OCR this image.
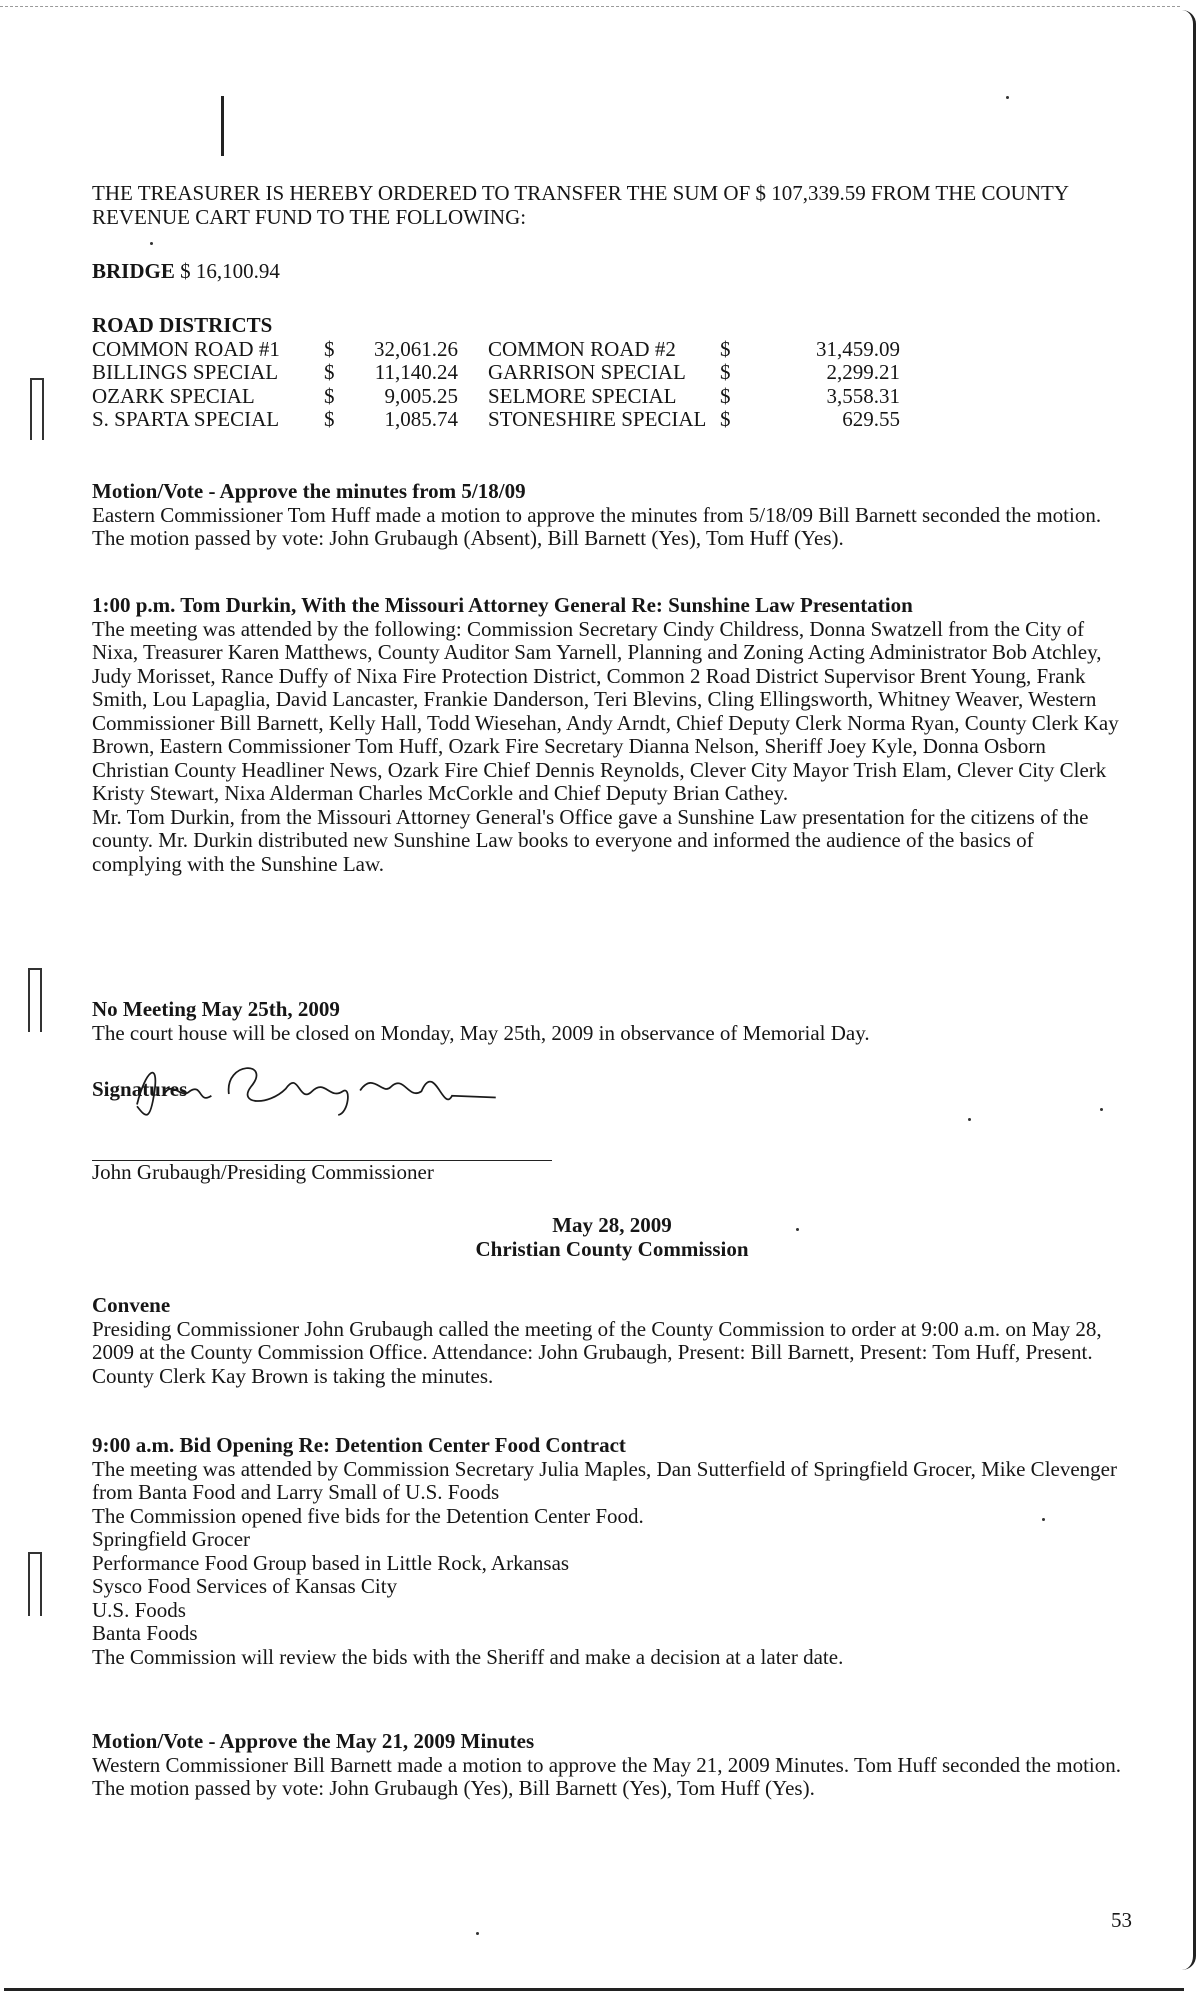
THE TREASURER IS HEREBY ORDERED TO TRANSFER THE SUM OF $ 107,339.59 FROM THE COUNTY REVENUE CART FUND TO THE FOLLOWING:

BRIDGE $ 16,100.94
ROAD DISTRICTS
COMMON ROAD #1	$	32,061.26	COMMON ROAD #2	$	31,459.09
BILLINGS SPECIAL	$	11,140.24	GARRISON SPECIAL	$	2,299.21
OZARK SPECIAL	$	9,005.25	SELMORE SPECIAL	$	3,558.31
S. SPARTA SPECIAL	$	1,085.74	STONESHIRE SPECIAL	$	629.55
Motion/Vote - Approve the minutes from 5/18/09

Eastern Commissioner Tom Huff made a motion to approve the minutes from 5/18/09 Bill Barnett seconded the motion. The motion passed by vote: John Grubaugh (Absent), Bill Barnett (Yes), Tom Huff (Yes).

1:00 p.m. Tom Durkin, With the Missouri Attorney General Re: Sunshine Law Presentation

The meeting was attended by the following: Commission Secretary Cindy Childress, Donna Swatzell from the City of Nixa, Treasurer Karen Matthews, County Auditor Sam Yarnell, Planning and Zoning Acting Administrator Bob Atchley, Judy Morisset, Rance Duffy of Nixa Fire Protection District, Common 2 Road District Supervisor Brent Young, Frank Smith, Lou Lapaglia, David Lancaster, Frankie Danderson, Teri Blevins, Cling Ellingsworth, Whitney Weaver, Western Commissioner Bill Barnett, Kelly Hall, Todd Wiesehan, Andy Arndt, Chief Deputy Clerk Norma Ryan, County Clerk Kay Brown, Eastern Commissioner Tom Huff, Ozark Fire Secretary Dianna Nelson, Sheriff Joey Kyle, Donna Osborn Christian County Headliner News, Ozark Fire Chief Dennis Reynolds, Clever City Mayor Trish Elam, Clever City Clerk Kristy Stewart, Nixa Alderman Charles McCorkle and Chief Deputy Brian Cathey.

Mr. Tom Durkin, from the Missouri Attorney General's Office gave a Sunshine Law presentation for the citizens of the county. Mr. Durkin distributed new Sunshine Law books to everyone and informed the audience of the basics of complying with the Sunshine Law.

No Meeting May 25th, 2009

The court house will be closed on Monday, May 25th, 2009 in observance of Memorial Day.

Signatures
John Grubaugh/Presiding Commissioner
May 28, 2009
Christian County Commission
Convene

Presiding Commissioner John Grubaugh called the meeting of the County Commission to order at 9:00 a.m. on May 28, 2009 at the County Commission Office. Attendance: John Grubaugh, Present: Bill Barnett, Present: Tom Huff, Present. County Clerk Kay Brown is taking the minutes.

9:00 a.m. Bid Opening Re: Detention Center Food Contract

The meeting was attended by Commission Secretary Julia Maples, Dan Sutterfield of Springfield Grocer, Mike Clevenger from Banta Food and Larry Small of U.S. Foods

The Commission opened five bids for the Detention Center Food.

Springfield Grocer
Performance Food Group based in Little Rock, Arkansas
Sysco Food Services of Kansas City
U.S. Foods
Banta Foods

The Commission will review the bids with the Sheriff and make a decision at a later date.

Motion/Vote - Approve the May 21, 2009 Minutes

Western Commissioner Bill Barnett made a motion to approve the May 21, 2009 Minutes. Tom Huff seconded the motion. The motion passed by vote: John Grubaugh (Yes), Bill Barnett (Yes), Tom Huff (Yes).

53
